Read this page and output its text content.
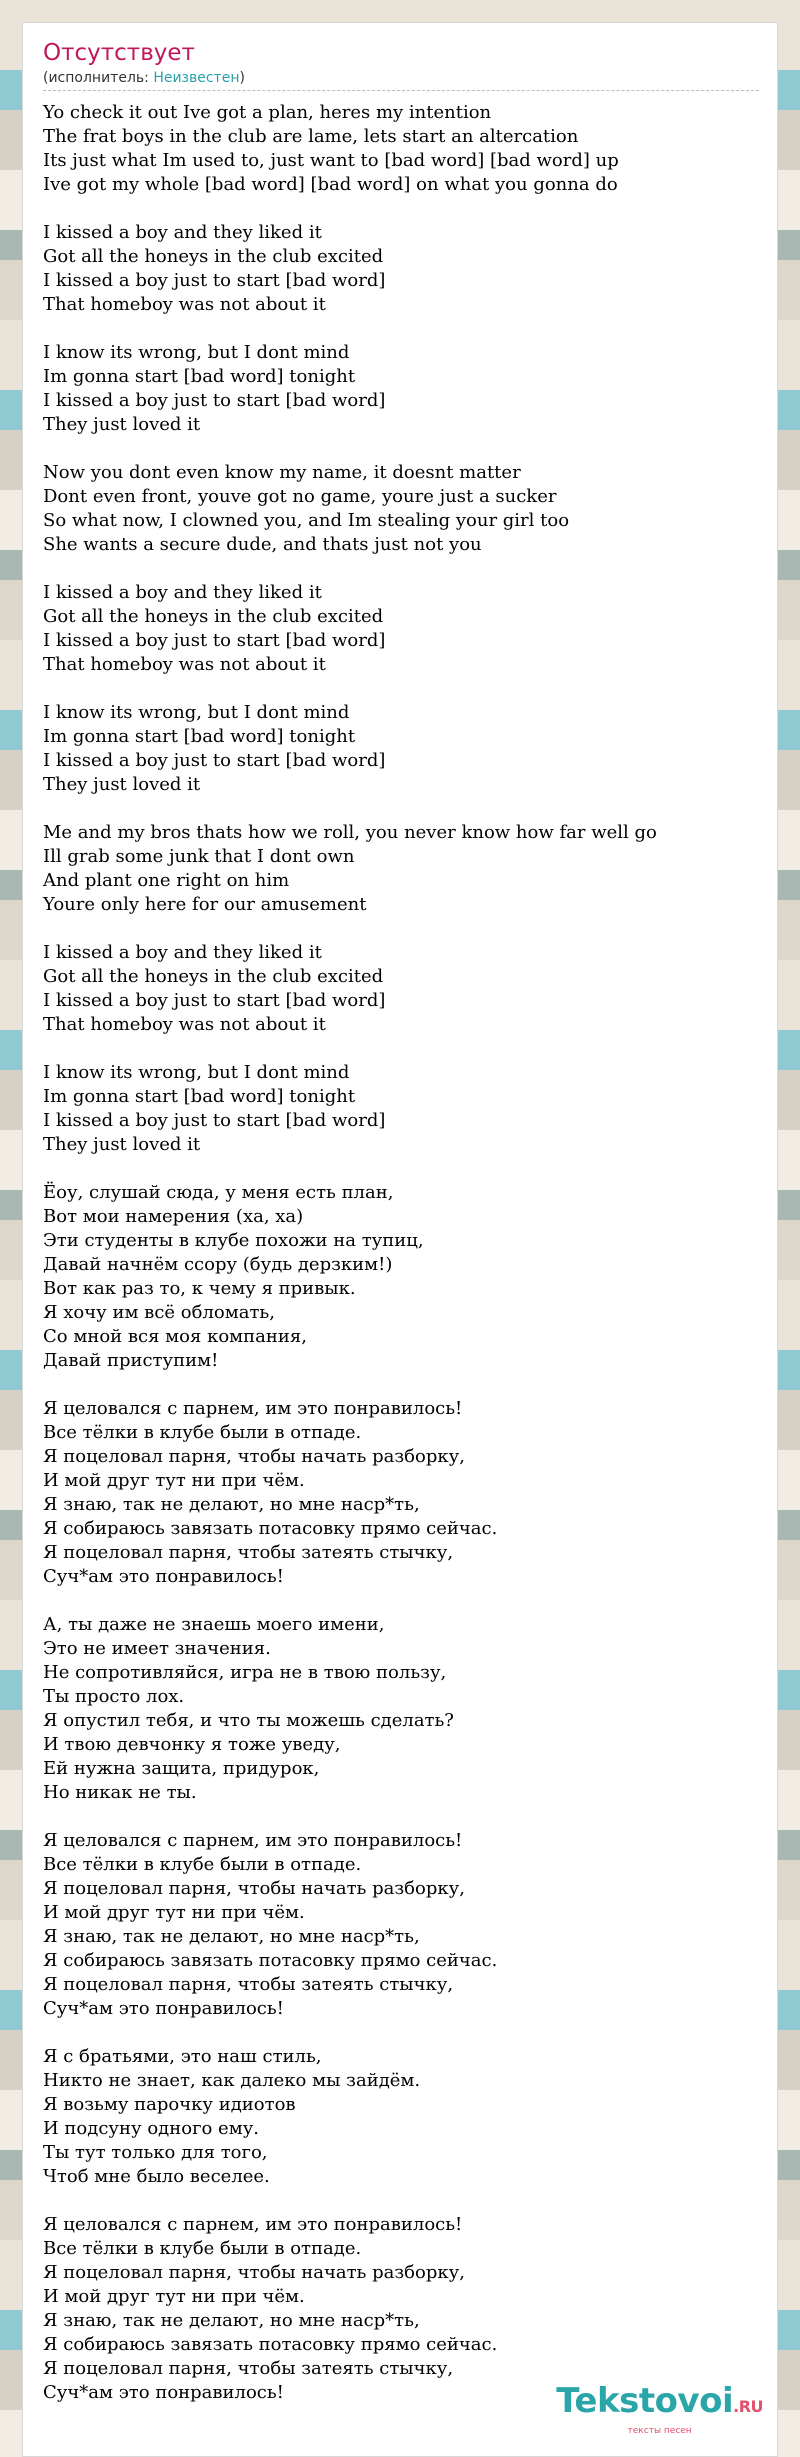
Отсутствует
(исполнитель: Неизвестен)
Yo check it out Ive got a plan, heres my intention
The frat boys in the club are lame, lets start an altercation
Its just what Im used to, just want to [bad word] [bad word] up
Ive got my whole [bad word] [bad word] on what you gonna do
I kissed a boy and they liked it
Got all the honeys in the club excited
I kissed a boy just to start [bad word]
That homeboy was not about it
I know its wrong, but I dont mind
Im gonna start [bad word] tonight
I kissed a boy just to start [bad word]
They just loved it
Now you dont even know my name, it doesnt matter
Dont even front, youve got no game, youre just a sucker
So what now, I clowned you, and Im stealing your girl too
She wants a secure dude, and thats just not you
I kissed a boy and they liked it
Got all the honeys in the club excited
I kissed a boy just to start [bad word]
That homeboy was not about it
I know its wrong, but I dont mind
Im gonna start [bad word] tonight
I kissed a boy just to start [bad word]
They just loved it
Me and my bros thats how we roll, you never know how far well go
Ill grab some junk that I dont own
And plant one right on him
Youre only here for our amusement
I kissed a boy and they liked it
Got all the honeys in the club excited
I kissed a boy just to start [bad word]
That homeboy was not about it
I know its wrong, but I dont mind
Im gonna start [bad word] tonight
I kissed a boy just to start [bad word]
They just loved it
Ёоу, слушай сюда, у меня есть план,
Вот мои намерения (ха, ха)
Эти студенты в клубе похожи на тупиц,
Давай начнём ссору (будь дерзким!)
Вот как раз то, к чему я привык.
Я хочу им всё обломать,
Со мной вся моя компания,
Давай приступим!
Я целовался с парнем, им это понравилось!
Все тёлки в клубе были в отпаде.
Я поцеловал парня, чтобы начать разборку,
И мой друг тут ни при чём.
Я знаю, так не делают, но мне наср*ть,
Я собираюсь завязать потасовку прямо сейчас.
Я поцеловал парня, чтобы затеять стычку,
Суч*ам это понравилось!
А, ты даже не знаешь моего имени,
Это не имеет значения.
Не сопротивляйся, игра не в твою пользу,
Ты просто лох.
Я опустил тебя, и что ты можешь сделать?
И твою девчонку я тоже уведу,
Ей нужна защита, придурок,
Но никак не ты.
Я целовался с парнем, им это понравилось!
Все тёлки в клубе были в отпаде.
Я поцеловал парня, чтобы начать разборку,
И мой друг тут ни при чём.
Я знаю, так не делают, но мне наср*ть,
Я собираюсь завязать потасовку прямо сейчас.
Я поцеловал парня, чтобы затеять стычку,
Суч*ам это понравилось!
Я с братьями, это наш стиль,
Никто не знает, как далеко мы зайдём.
Я возьму парочку идиотов
И подсуну одного ему.
Ты тут только для того,
Чтоб мне было веселее.
Я целовался с парнем, им это понравилось!
Все тёлки в клубе были в отпаде.
Я поцеловал парня, чтобы начать разборку,
И мой друг тут ни при чём.
Я знаю, так не делают, но мне наср*ть,
Я собираюсь завязать потасовку прямо сейчас.
Я поцеловал парня, чтобы затеять стычку,
Суч*ам это понравилось!	Tekstovoi.RU
тексты песен
